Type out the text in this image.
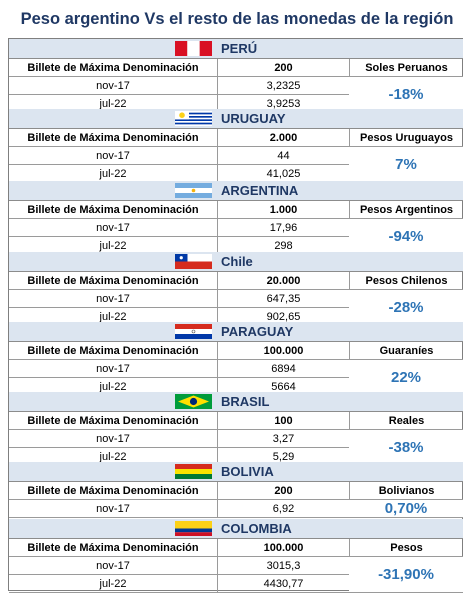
Peso argentino Vs el resto de las monedas de la región
PERÚ
Billete de Máxima Denominación	200	Soles Peruanos
nov-17	3,2325
jul-22	3,9253
-18%
URUGUAY
Billete de Máxima Denominación	2.000	Pesos Uruguayos
nov-17	44
jul-22	41,025
7%
ARGENTINA
Billete de Máxima Denominación	1.000	Pesos Argentinos
nov-17	17,96
jul-22	298
-94%
Chile
Billete de Máxima Denominación	20.000	Pesos Chilenos
nov-17	647,35
jul-22	902,65
-28%
PARAGUAY
Billete de Máxima Denominación	100.000	Guaraníes
nov-17	6894
jul-22	5664
22%
BRASIL
Billete de Máxima Denominación	100	Reales
nov-17	3,27
jul-22	5,29
-38%
BOLIVIA
Billete de Máxima Denominación	200	Bolivianos
nov-17	6,92	0,70%
COLOMBIA
Billete de Máxima Denominación	100.000	Pesos
nov-17	3015,3
jul-22	4430,77
-31,90%
